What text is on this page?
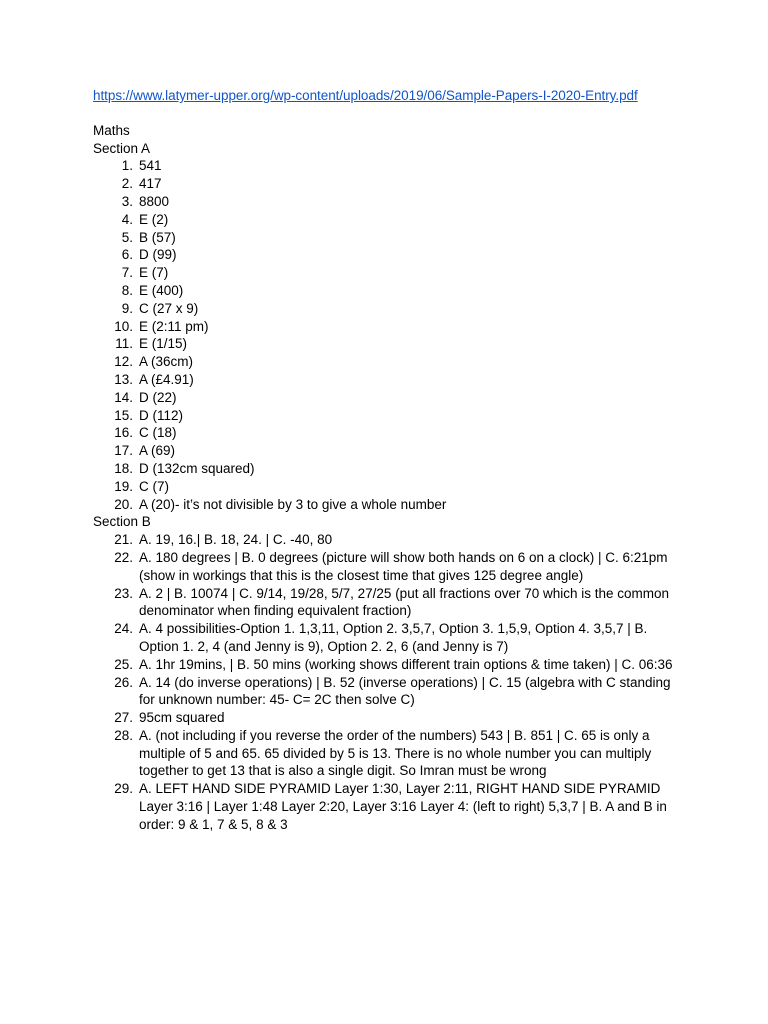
https://www.latymer-upper.org/wp-content/uploads/2019/06/Sample-Papers-I-2020-Entry.pdf
Maths
Section A
1. 541
2. 417
3. 8800
4. E (2)
5. B (57)
6. D (99)
7. E (7)
8. E (400)
9. C (27 x 9)
10. E (2:11 pm)
11. E (1/15)
12. A (36cm)
13. A (£4.91)
14. D (22)
15. D (112)
16. C (18)
17. A (69)
18. D (132cm squared)
19. C (7)
20. A (20)- it’s not divisible by 3 to give a whole number
Section B
21. A. 19, 16.| B. 18, 24. | C. -40, 80
22. A. 180 degrees | B. 0 degrees (picture will show both hands on 6 on a clock) | C. 6:21pm (show in workings that this is the closest time that gives 125 degree angle)
23. A. 2 | B. 10074 | C. 9/14, 19/28, 5/7, 27/25 (put all fractions over 70 which is the common denominator when finding equivalent fraction)
24. A. 4 possibilities-Option 1. 1,3,11, Option 2. 3,5,7, Option 3. 1,5,9, Option 4. 3,5,7 | B. Option 1. 2, 4 (and Jenny is 9), Option 2. 2, 6 (and Jenny is 7)
25. A. 1hr 19mins, | B. 50 mins (working shows different train options & time taken) | C. 06:36
26. A. 14 (do inverse operations) | B. 52 (inverse operations) | C. 15 (algebra with C standing for unknown number: 45- C= 2C then solve C)
27. 95cm squared
28. A. (not including if you reverse the order of the numbers) 543 | B. 851 | C. 65 is only a multiple of 5 and 65. 65 divided by 5 is 13. There is no whole number you can multiply together to get 13 that is also a single digit. So Imran must be wrong
29. A. LEFT HAND SIDE PYRAMID Layer 1:30, Layer 2:11, RIGHT HAND SIDE PYRAMID Layer 3:16 | Layer 1:48 Layer 2:20, Layer 3:16 Layer 4: (left to right) 5,3,7 | B. A and B in order: 9 & 1, 7 & 5, 8 & 3
